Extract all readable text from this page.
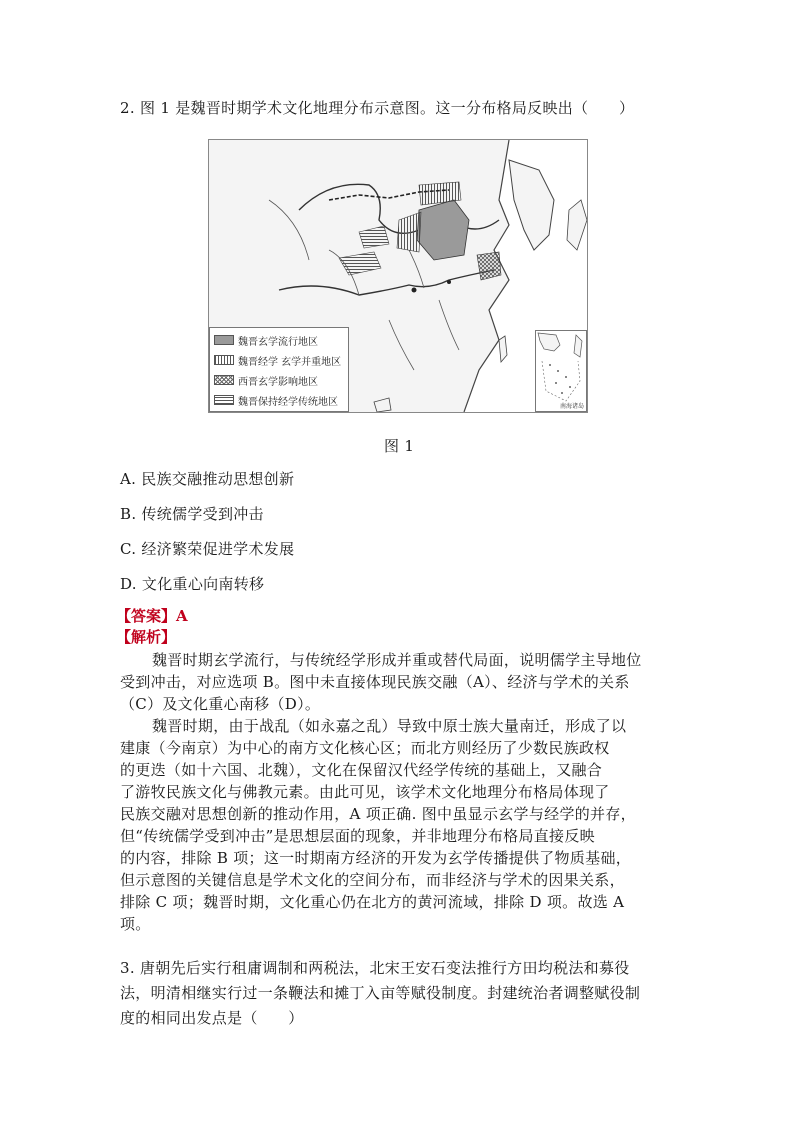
2. 图 1 是魏晋时期学术文化地理分布示意图。这一分布格局反映出（　　）
魏晋玄学流行地区
魏晋经学 玄学并重地区
西晋玄学影响地区
魏晋保持经学传统地区	南海诸岛
图 1
A. 民族交融推动思想创新
B. 传统儒学受到冲击
C. 经济繁荣促进学术发展
D. 文化重心向南转移
【答案】A
【解析】
魏晋时期玄学流行，与传统经学形成并重或替代局面，说明儒学主导地位
受到冲击，对应选项 B。图中未直接体现民族交融（A）、经济与学术的关系
（C）及文化重心南移（D）。
魏晋时期，由于战乱（如永嘉之乱）导致中原士族大量南迁，形成了以
建康（今南京）为中心的南方文化核心区；而北方则经历了少数民族政权
的更迭（如十六国、北魏），文化在保留汉代经学传统的基础上，又融合
了游牧民族文化与佛教元素。由此可见，该学术文化地理分布格局体现了
民族交融对思想创新的推动作用，A 项正确. 图中虽显示玄学与经学的并存，
但“传统儒学受到冲击”是思想层面的现象，并非地理分布格局直接反映
的内容，排除 B 项；这一时期南方经济的开发为玄学传播提供了物质基础，
但示意图的关键信息是学术文化的空间分布，而非经济与学术的因果关系，
排除 C 项；魏晋时期，文化重心仍在北方的黄河流域，排除 D 项。故选 A
项。
3. 唐朝先后实行租庸调制和两税法，北宋王安石变法推行方田均税法和募役
法，明清相继实行过一条鞭法和摊丁入亩等赋役制度。封建统治者调整赋役制
度的相同出发点是（　　）
